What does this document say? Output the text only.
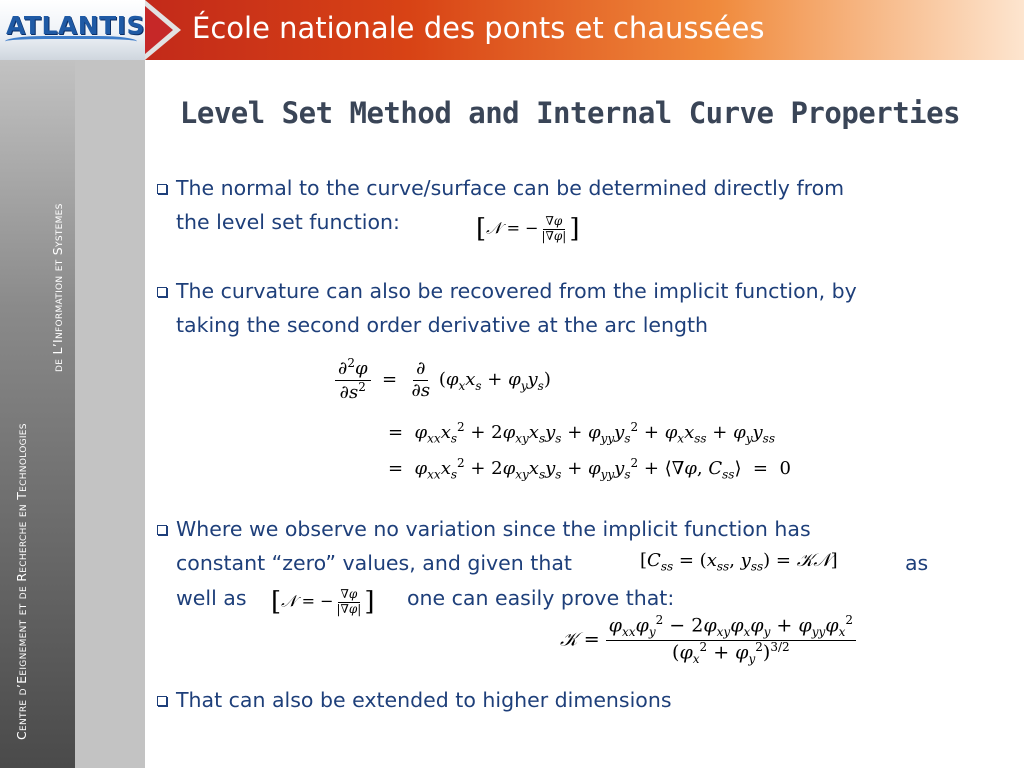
ATLANTIS École nationale des ponts et chaussées
Centre d’Eeignement et de Recherche en Technologies
de L’Information et Systemes
Level Set Method and Internal Curve Properties
The normal to the curve/surface can be determined directly from
the level set function:	[𝒩 = − $\frac{\nabla\varphi}{|\nabla\varphi|}$ ]
The curvature can also be recovered from the implicit function, by
taking the second order derivative at the arc length
$\frac{\partial^2\varphi}{\partial s^2} = \frac{\partial}{\partial s} (\varphi_xx_s + \varphi_yy_s)$
=  $\varphi_{xx}x_s^2 + 2\varphi_{xy}x_sy_s + \varphi_{yy}y_s^2 + \varphi_xx_{ss} + \varphi_yy_{ss}$
=  $\varphi_{xx}x_s^2 + 2\varphi_{xy}x_sy_s + \varphi_{yy}y_s^2$ + ⟨∇φ, $C_{ss}⟩ = 0$
Where we observe no variation since the implicit function has
constant “zero” values, and given that	[$C_{ss} = (x_{ss}$, $y_{ss}$) = 𝒦𝒩]	as
well as [𝒩 = − $\frac{\nabla\varphi}{|\nabla\varphi|}$ ] one can easily prove that:
𝒦 = $\frac{\varphi_{xx}\varphi_y^2 - 2\varphi_{xy}\varphi_x\varphi_y + \varphi_{yy}\varphi_x^2}{(\varphi_x^2 + \varphi_y^2)^{3/2}}$
That can also be extended to higher dimensions
